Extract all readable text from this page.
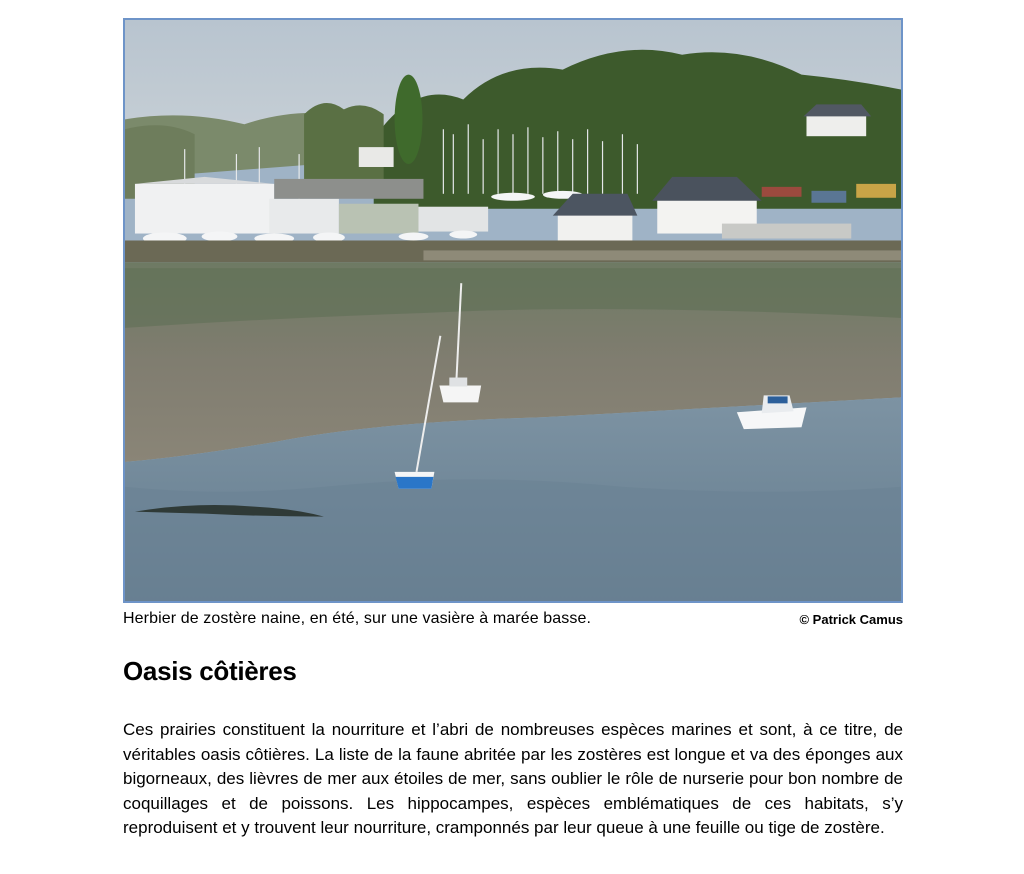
Herbier de zostère naine, en été, sur une vasière à marée basse.	© Patrick Camus
Oasis côtières

Ces prairies constituent la nourriture et l’abri de nombreuses espèces marines et sont, à ce titre, de véritables oasis côtières. La liste de la faune abritée par les zostères est longue et va des éponges aux bigorneaux, des lièvres de mer aux étoiles de mer, sans oublier le rôle de nurserie pour bon nombre de coquillages et de poissons. Les hippocampes, espèces emblématiques de ces habitats, s’y reproduisent et y trouvent leur nourriture, cramponnés par leur queue à une feuille ou tige de zostère.
